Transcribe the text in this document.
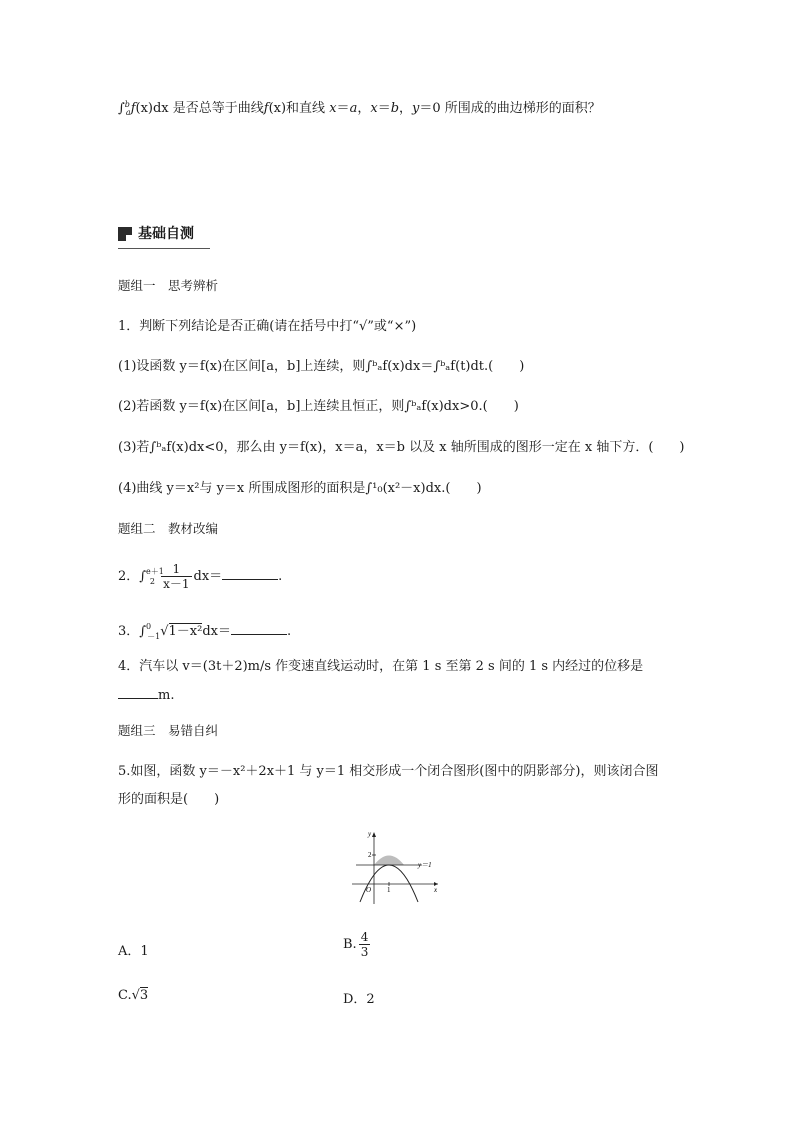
∫$^b_a$f(x)dx 是否总等于曲线f(x)和直线 x＝a，x＝b，y＝0 所围成的曲边梯形的面积？
基础自测
题组一　思考辨析
1．判断下列结论是否正确(请在括号中打“√”或“×”)
(1)设函数 y＝f(x)在区间[a，b]上连续，则∫ᵇₐf(x)dx＝∫ᵇₐf(t)dt.(　　)
(2)若函数 y＝f(x)在区间[a，b]上连续且恒正，则∫ᵇₐf(x)dx>0.(　　)
(3)若∫ᵇₐf(x)dx<0，那么由 y＝f(x)，x＝a，x＝b 以及 x 轴所围成的图形一定在 x 轴下方．(　　)
(4)曲线 y＝x²与 y＝x 所围成图形的面积是∫¹₀(x²－x)dx.(　　)
题组二　教材改编
2．$\int^{e+1}_2 \frac{1}{x-1} dx=$	.
3．∫$^0_{-1}$√1－x²dx＝	.
4．汽车以 v＝(3t＋2)m/s 作变速直线运动时，在第 1 s 至第 2 s 间的 1 s 内经过的位移是
m.
题组三　易错自纠
5.如图，函数 y＝－x²＋2x＋1 与 y＝1 相交形成一个闭合图形(图中的阴影部分)，则该闭合图
形的面积是(　　)
y
x
O
2
1
y＝1
A．1	B. $\frac{4}{3}$
C.√3	D．2
